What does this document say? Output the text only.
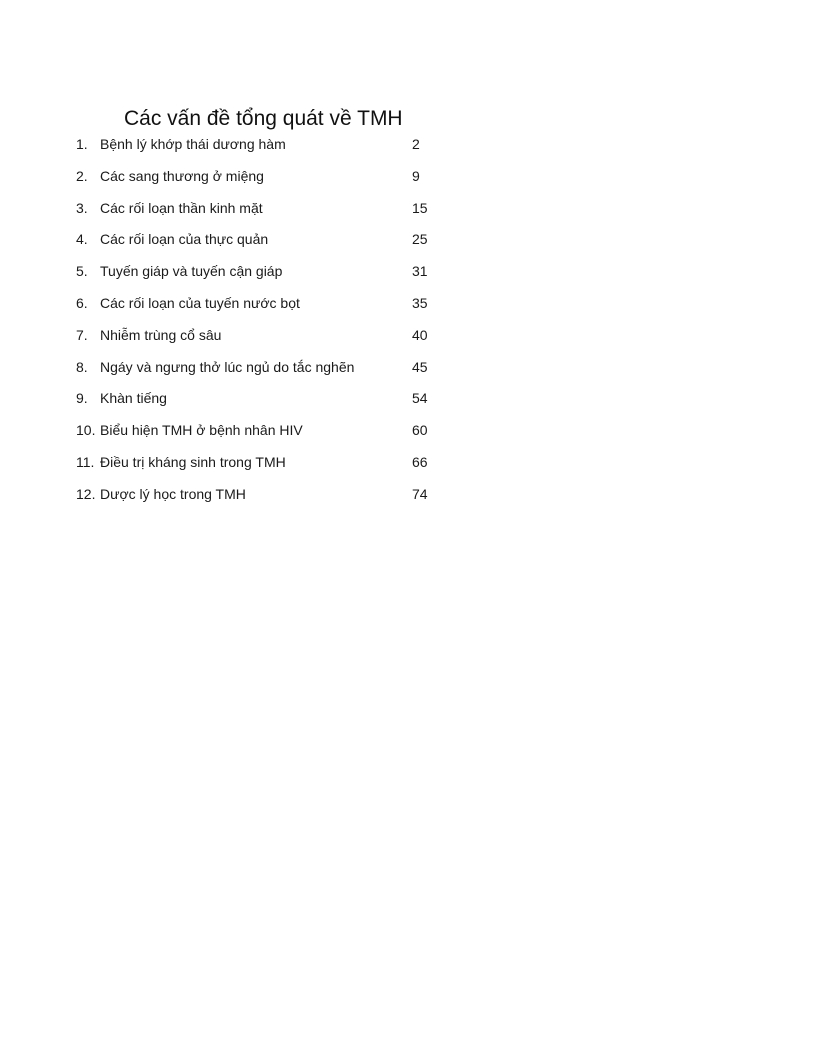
Các vấn đề tổng quát về TMH
1. Bệnh lý khớp thái dương hàm	2
2. Các sang thương ở miệng	9
3. Các rối loạn thần kinh mặt	15
4. Các rối loạn của thực quản	25
5. Tuyến giáp và tuyến cận giáp	31
6. Các rối loạn của tuyến nước bọt	35
7. Nhiễm trùng cổ sâu	40
8. Ngáy và ngưng thở lúc ngủ do tắc nghẽn	45
9. Khàn tiếng	54
10. Biểu hiện TMH ở bệnh nhân HIV	60
11. Điều trị kháng sinh trong TMH	66
12. Dược lý học trong TMH	74
